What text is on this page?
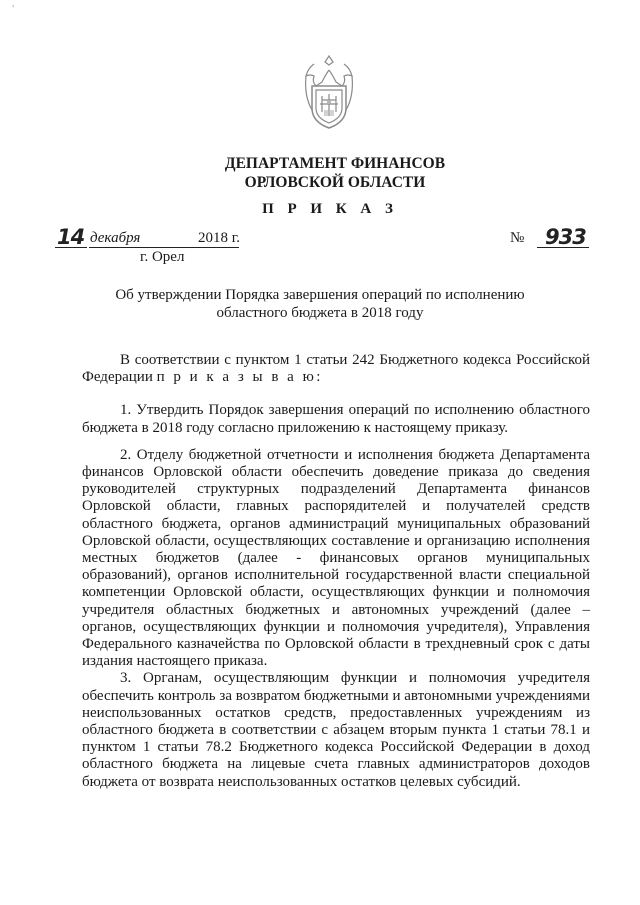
'
ДЕПАРТАМЕНТ ФИНАНСОВ
ОРЛОВСКОЙ ОБЛАСТИ
П Р И К А З
14 декабря	2018 г.
г. Орел
№ 933
Об утверждении Порядка завершения операций по исполнению
областного бюджета в 2018 году

В соответствии с пунктом 1 статьи 242 Бюджетного кодекса Российской Федерации п р и к а з ы в а ю:

1. Утвердить Порядок завершения операций по исполнению областного бюджета в 2018 году согласно приложению к настоящему приказу.

2. Отделу бюджетной отчетности и исполнения бюджета Департамента финансов Орловской области обеспечить доведение приказа до сведения руководителей структурных подразделений Департамента финансов Орловской области, главных распорядителей и получателей средств областного бюджета, органов администраций муниципальных образований Орловской области, осуществляющих составление и организацию исполнения местных бюджетов (далее - финансовых органов муниципальных образований), органов исполнительной государственной власти специальной компетенции Орловской области, осуществляющих функции и полномочия учредителя областных бюджетных и автономных учреждений (далее – органов, осуществляющих функции и полномочия учредителя), Управления Федерального казначейства по Орловской области в трехдневный срок с даты издания настоящего приказа.

3. Органам, осуществляющим функции и полномочия учредителя обеспечить контроль за возвратом бюджетными и автономными учреждениями неиспользованных остатков средств, предоставленных учреждениям из областного бюджета в соответствии с абзацем вторым пункта 1 статьи 78.1 и пунктом 1 статьи 78.2 Бюджетного кодекса Российской Федерации в доход областного бюджета на лицевые счета главных администраторов доходов бюджета от возврата неиспользованных остатков целевых субсидий.
